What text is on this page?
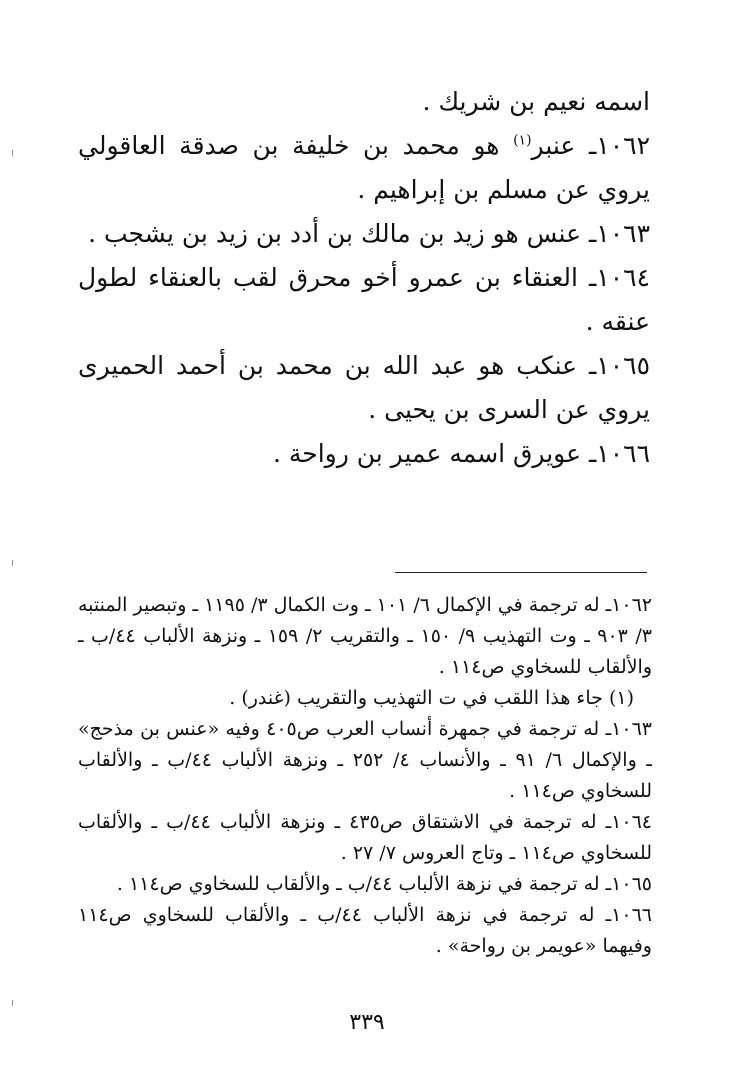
اسمه نعيم بن شريك .

۱۰٦۲ـ عنبر$^{(١)}$ هو محمد بن خليفة بن صدقة العاقولي يروي عن مسلم بن إبراهيم .

۱۰٦۳ـ عنس هو زيد بن مالك بن أدد بن زيد بن يشجب .

۱۰٦٤ـ العنقاء بن عمرو أخو محرق لقب بالعنقاء لطول عنقه .

۱۰٦٥ـ عنكب هو عبد الله بن محمد بن أحمد الحميرى يروي عن السرى بن يحيى .

۱۰٦٦ـ عويرق اسمه عمير بن رواحة .

۱۰٦۲ـ له ترجمة في الإكمال ٦/ ١٠١ ـ وت الكمال ٣/ ١١٩٥ ـ وتبصير المنتبه ٣/ ٩٠٣ ـ وت التهذيب ٩/ ١٥٠ ـ والتقريب ٢/ ١٥٩ ـ ونزهة الألباب ٤٤/ب ـ والألقاب للسخاوي ص١١٤ .

(١) جاء هذا اللقب في ت التهذيب والتقريب (غندر) .

۱۰٦۳ـ له ترجمة في جمهرة أنساب العرب ص٤٠٥ وفيه «عنس بن مذحج» ـ والإكمال ٦/ ٩١ ـ والأنساب ٤/ ٢٥٢ ـ ونزهة الألباب ٤٤/ب ـ والألقاب للسخاوي ص١١٤ .

۱۰٦٤ـ له ترجمة في الاشتقاق ص٤٣٥ ـ ونزهة الألباب ٤٤/ب ـ والألقاب للسخاوي ص١١٤ ـ وتاج العروس ٧/ ٢٧ .

۱۰٦٥ـ له ترجمة في نزهة الألباب ٤٤/ب ـ والألقاب للسخاوي ص١١٤ .

۱۰٦٦ـ له ترجمة في نزهة الألباب ٤٤/ب ـ والألقاب للسخاوي ص١١٤ وفيهما «عويمر بن رواحة» .

٣٣٩
